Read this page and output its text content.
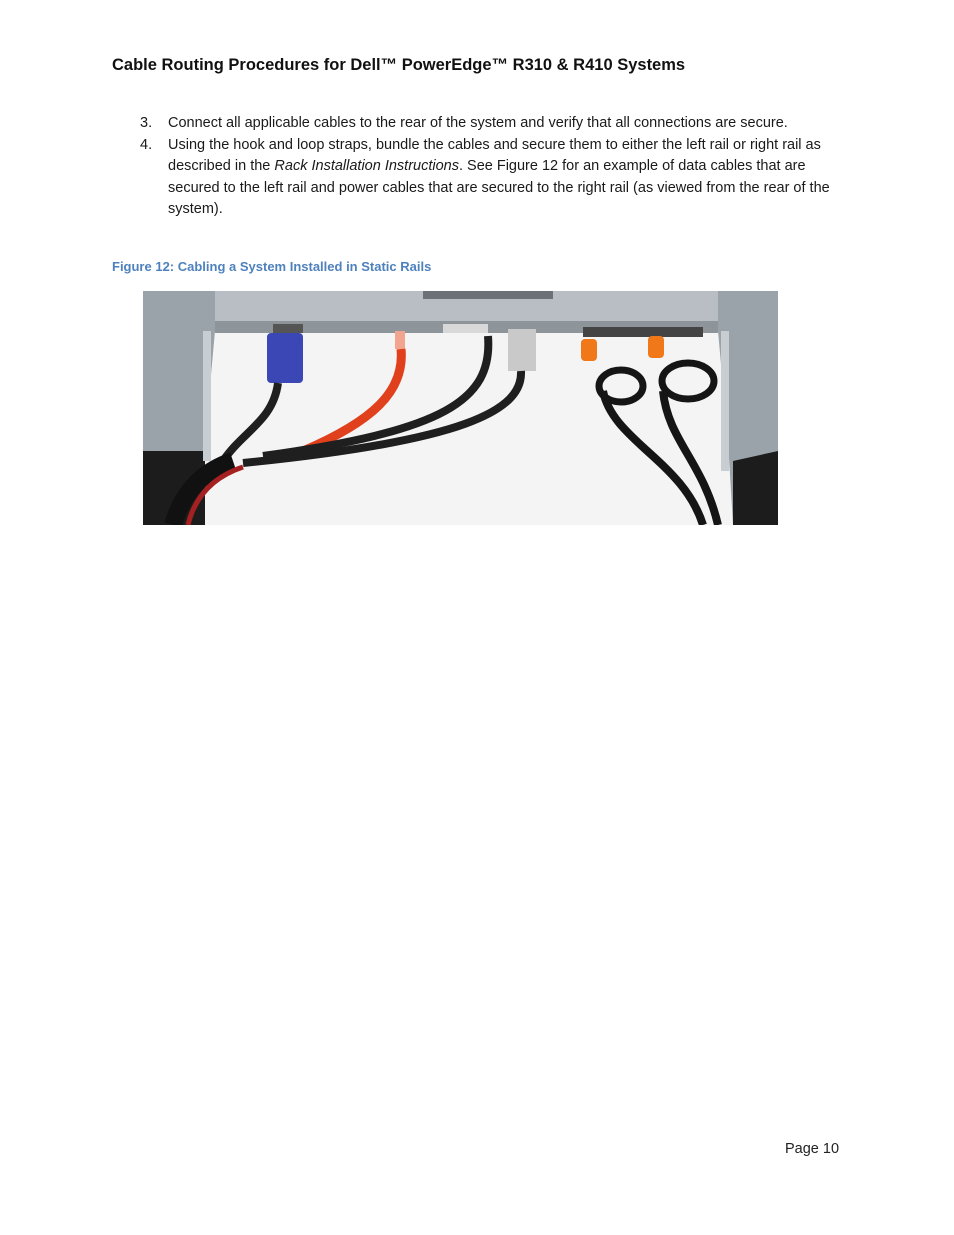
Cable Routing Procedures for Dell™ PowerEdge™ R310 & R410 Systems
3. Connect all applicable cables to the rear of the system and verify that all connections are secure.
4. Using the hook and loop straps, bundle the cables and secure them to either the left rail or right rail as described in the Rack Installation Instructions. See Figure 12 for an example of data cables that are secured to the left rail and power cables that are secured to the right rail (as viewed from the rear of the system).
Figure 12: Cabling a System Installed in Static Rails
Page 10
